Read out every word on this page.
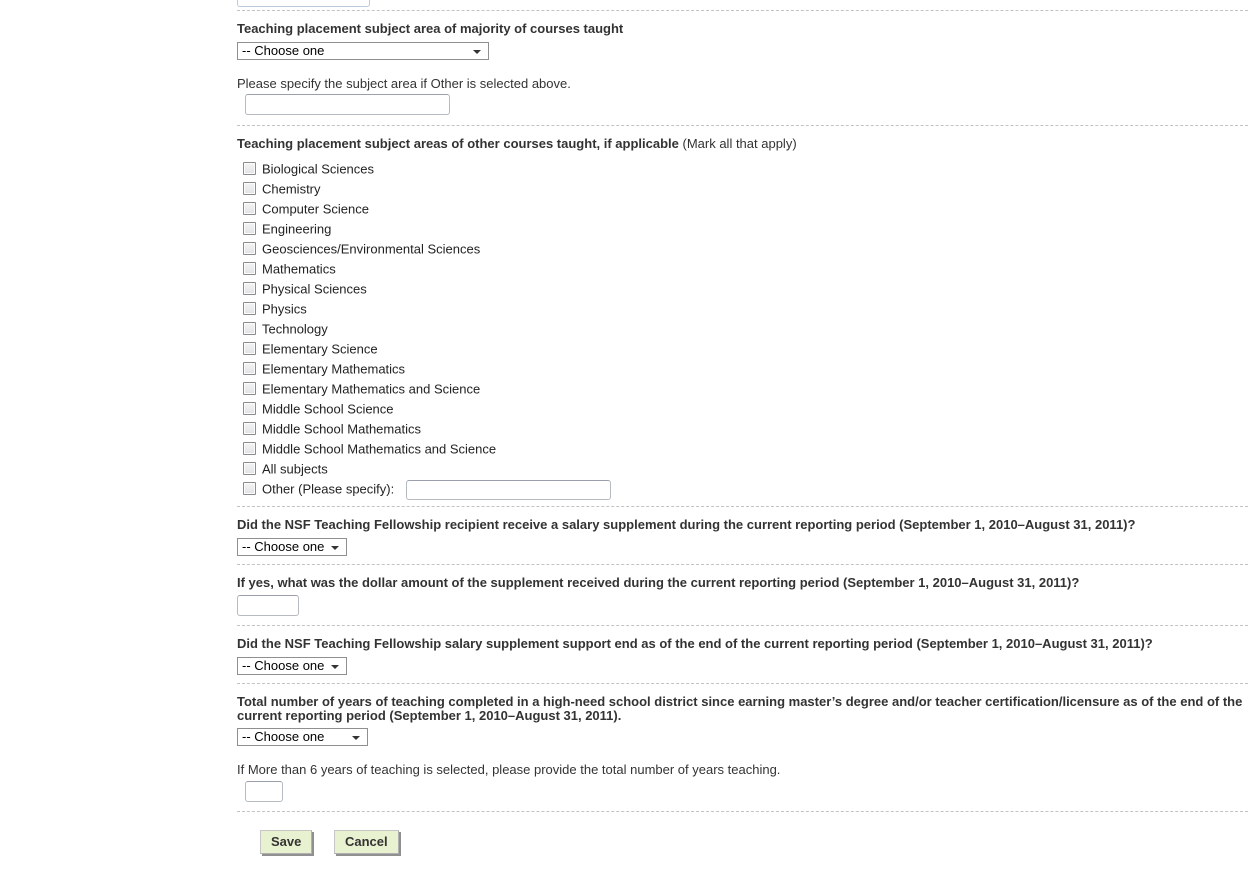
Teaching placement subject area of majority of courses taught
-- Choose one
Please specify the subject area if Other is selected above.
Teaching placement subject areas of other courses taught, if applicable (Mark all that apply)
Biological Sciences
Chemistry
Computer Science
Engineering
Geosciences/Environmental Sciences
Mathematics
Physical Sciences
Physics
Technology
Elementary Science
Elementary Mathematics
Elementary Mathematics and Science
Middle School Science
Middle School Mathematics
Middle School Mathematics and Science
All subjects
Other (Please specify):
Did the NSF Teaching Fellowship recipient receive a salary supplement during the current reporting period (September 1, 2010–August 31, 2011)?
-- Choose one
If yes, what was the dollar amount of the supplement received during the current reporting period (September 1, 2010–August 31, 2011)?
Did the NSF Teaching Fellowship salary supplement support end as of the end of the current reporting period (September 1, 2010–August 31, 2011)?
-- Choose one
Total number of years of teaching completed in a high-need school district since earning master’s degree and/or teacher certification/licensure as of the end of the current reporting period (September 1, 2010–August 31, 2011).
-- Choose one
If More than 6 years of teaching is selected, please provide the total number of years teaching.
Save	Cancel
